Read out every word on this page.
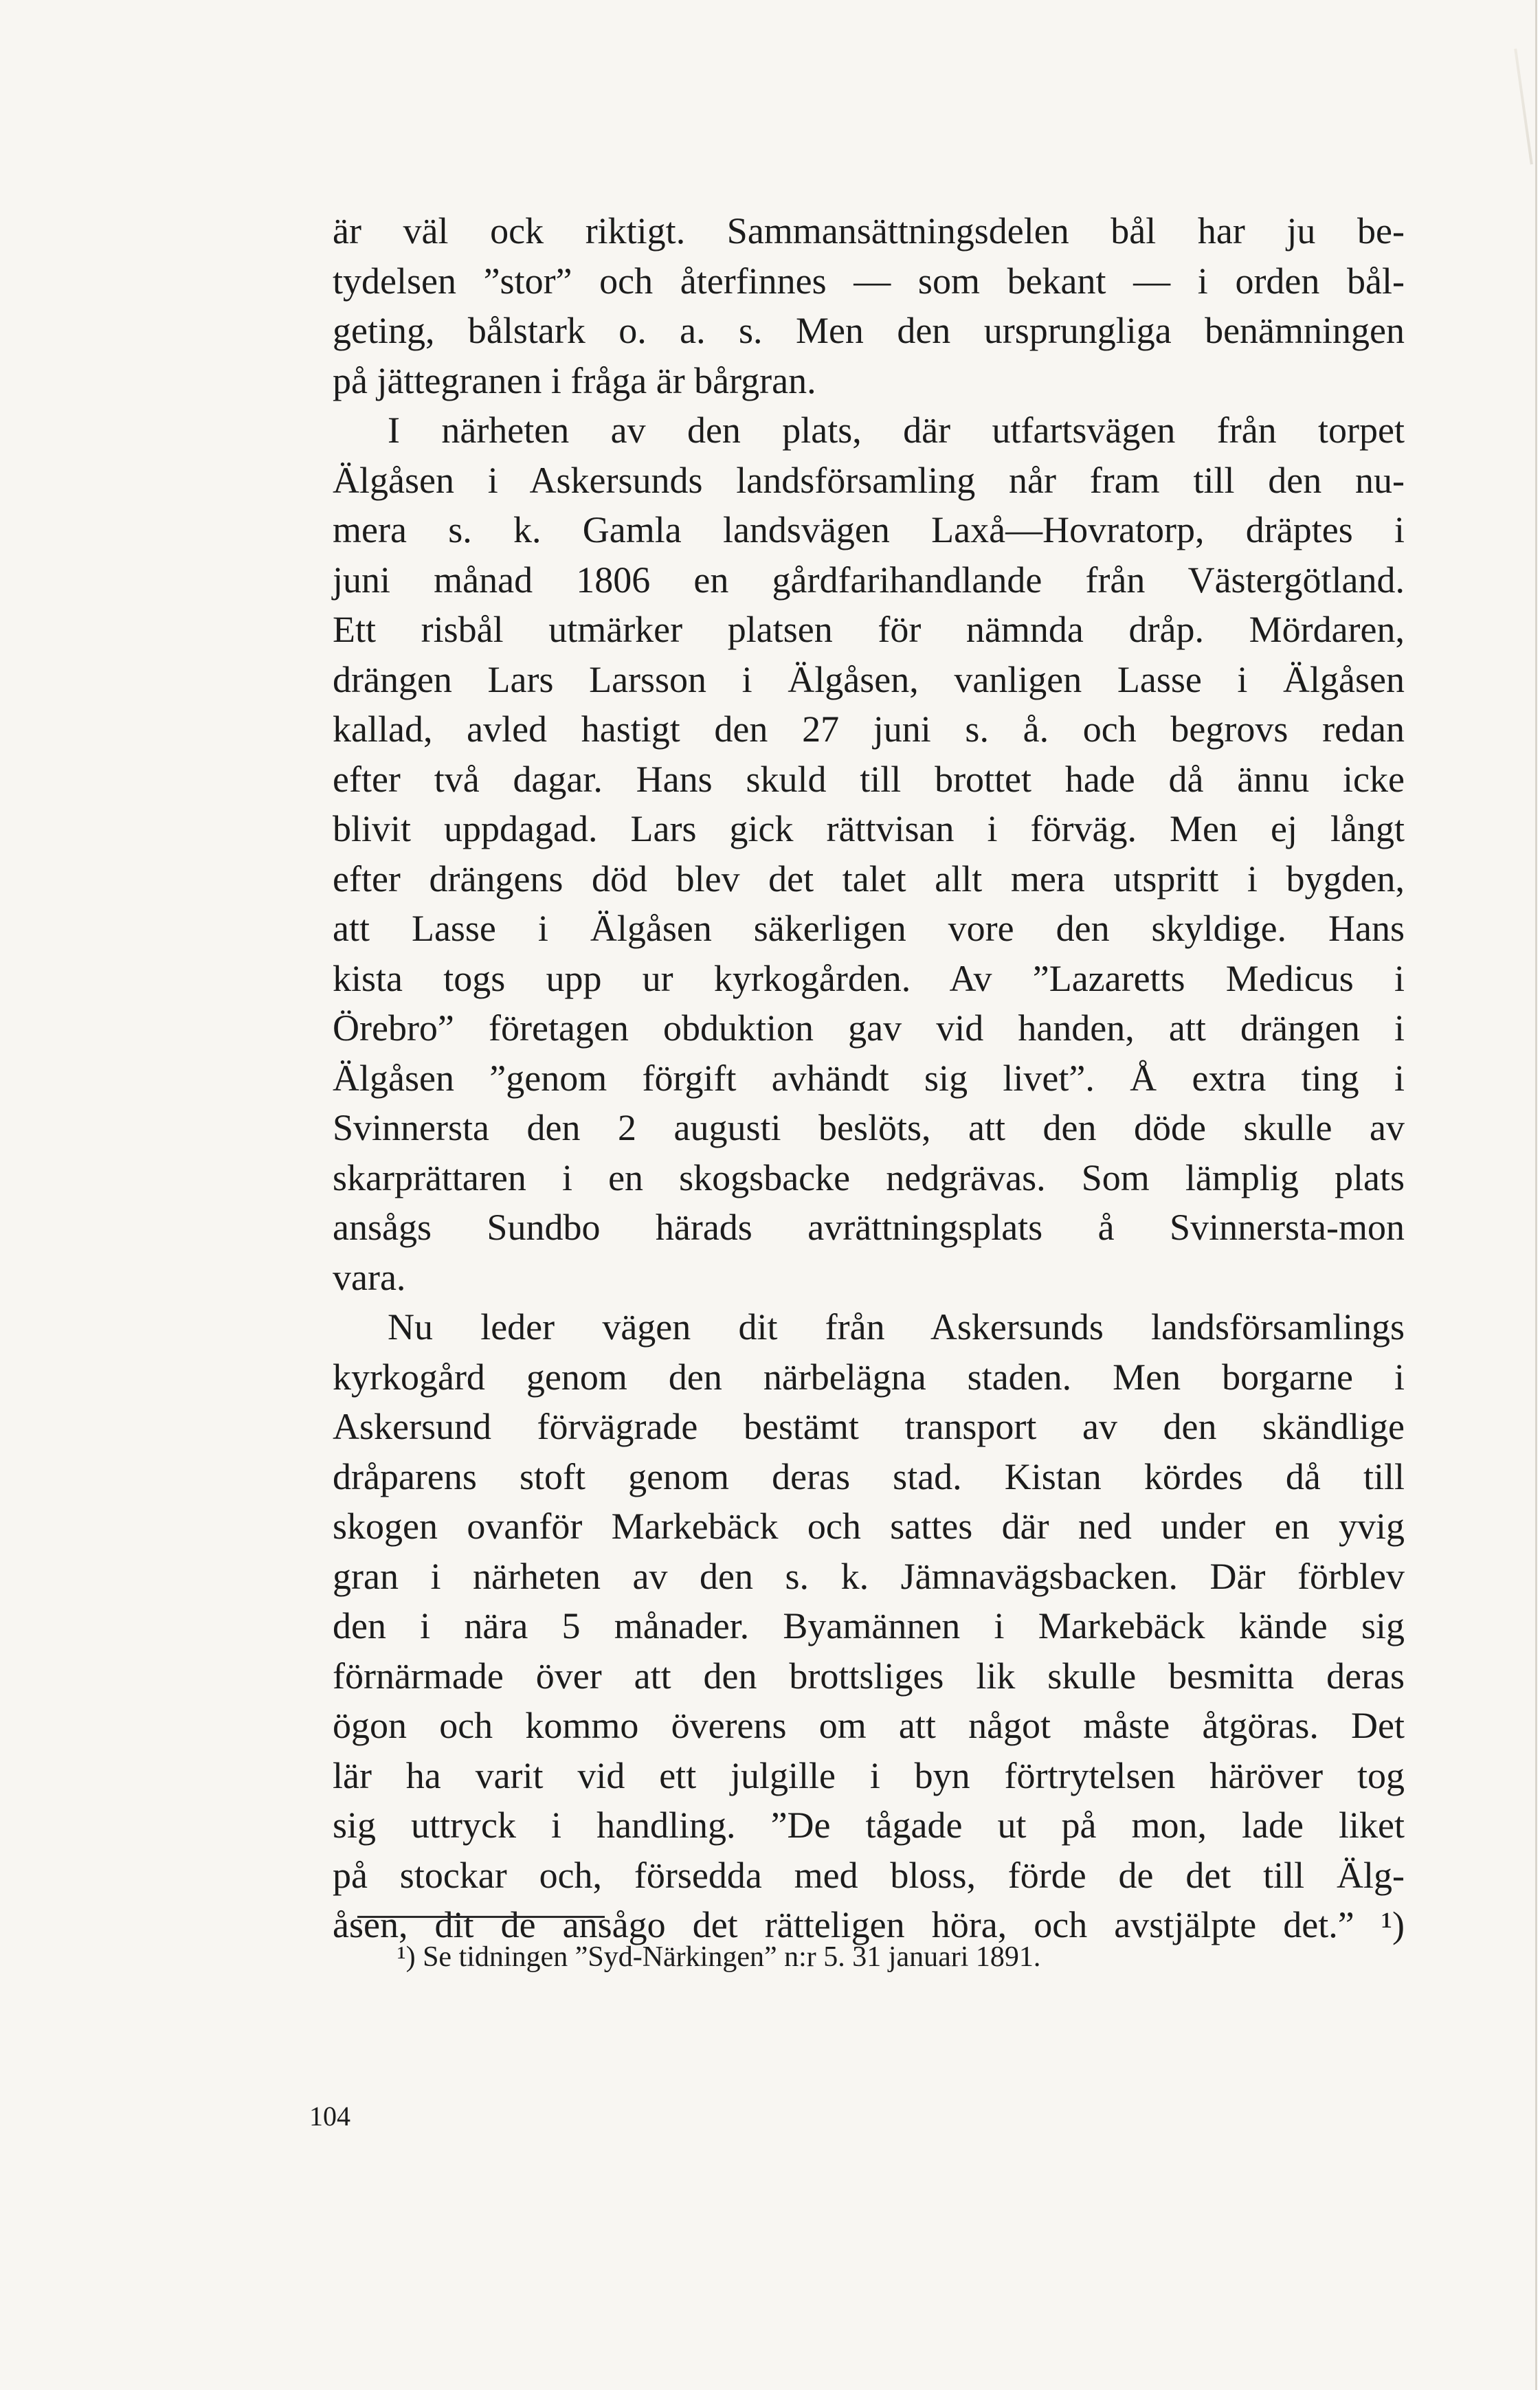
är väl ock riktigt. Sammansättningsdelen bål har ju be-
tydelsen ”stor” och återfinnes — som bekant — i orden bål-
geting, bålstark o. a. s. Men den ursprungliga benämningen
på jättegranen i fråga är bårgran.
I närheten av den plats, där utfartsvägen från torpet
Älgåsen i Askersunds landsförsamling når fram till den nu-
mera s. k. Gamla landsvägen Laxå—Hovratorp, dräptes i
juni månad 1806 en gårdfarihandlande från Västergötland.
Ett risbål utmärker platsen för nämnda dråp. Mördaren,
drängen Lars Larsson i Älgåsen, vanligen Lasse i Älgåsen
kallad, avled hastigt den 27 juni s. å. och begrovs redan
efter två dagar. Hans skuld till brottet hade då ännu icke
blivit uppdagad. Lars gick rättvisan i förväg. Men ej långt
efter drängens död blev det talet allt mera utspritt i bygden,
att Lasse i Älgåsen säkerligen vore den skyldige. Hans
kista togs upp ur kyrkogården. Av ”Lazaretts Medicus i
Örebro” företagen obduktion gav vid handen, att drängen i
Älgåsen ”genom förgift avhändt sig livet”. Å extra ting i
Svinnersta den 2 augusti beslöts, att den döde skulle av
skarprättaren i en skogsbacke nedgrävas. Som lämplig plats
ansågs Sundbo härads avrättningsplats å Svinnersta-mon
vara.
Nu leder vägen dit från Askersunds landsförsamlings
kyrkogård genom den närbelägna staden. Men borgarne i
Askersund förvägrade bestämt transport av den skändlige
dråparens stoft genom deras stad. Kistan kördes då till
skogen ovanför Markebäck och sattes där ned under en yvig
gran i närheten av den s. k. Jämnavägsbacken. Där förblev
den i nära 5 månader. Byamännen i Markebäck kände sig
förnärmade över att den brottsliges lik skulle besmitta deras
ögon och kommo överens om att något måste åtgöras. Det
lär ha varit vid ett julgille i byn förtrytelsen häröver tog
sig uttryck i handling. ”De tågade ut på mon, lade liket
på stockar och, försedda med bloss, förde de det till Älg-
åsen, dit de ansågo det rätteligen höra, och avstjälpte det.” ¹)
¹) Se tidningen ”Syd-Närkingen” n:r 5. 31 januari 1891.
104
